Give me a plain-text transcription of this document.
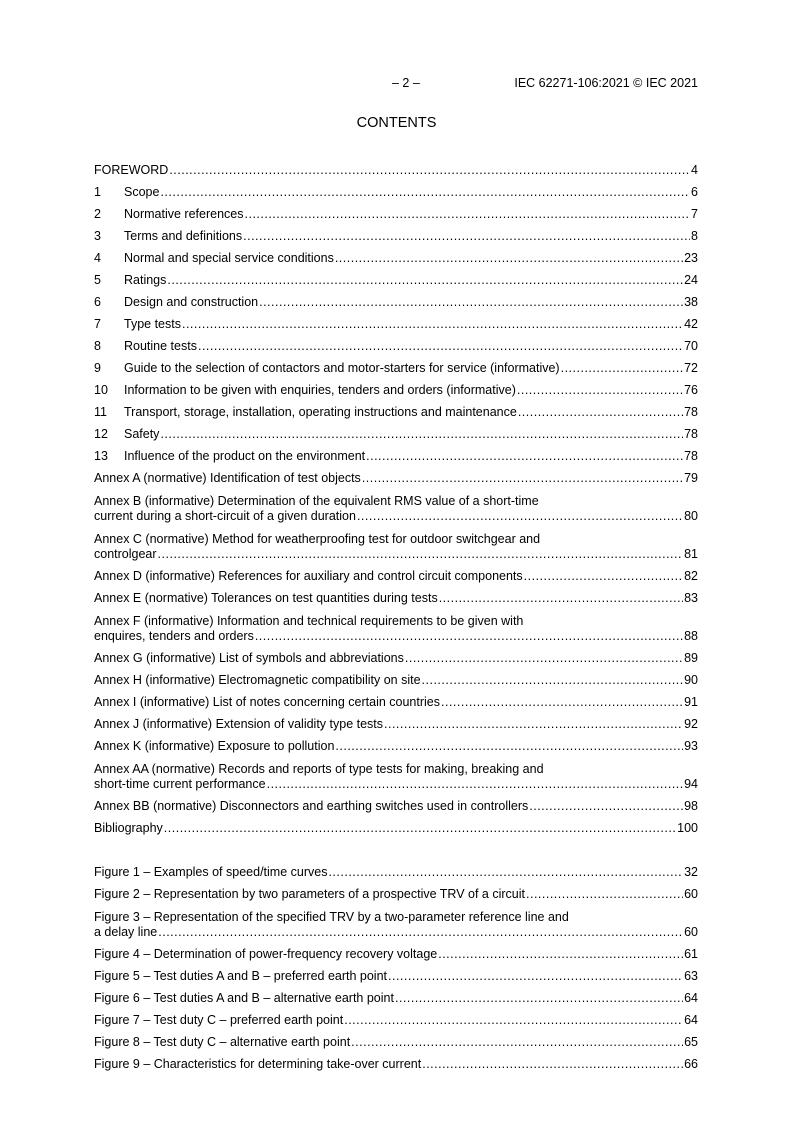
– 2 –	IEC 62271-106:2021 © IEC 2021
CONTENTS
FOREWORD .....	4
1	Scope .....	6
2	Normative references .....	7
3	Terms and definitions .....	8
4	Normal and special service conditions .....	23
5	Ratings .....	24
6	Design and construction .....	38
7	Type tests .....	42
8	Routine tests .....	70
9	Guide to the selection of contactors and motor-starters for service (informative) .....	72
10	Information to be given with enquiries, tenders and orders (informative) .....	76
11	Transport, storage, installation, operating instructions and maintenance .....	78
12	Safety .....	78
13	Influence of the product on the environment .....	78
Annex A (normative) Identification of test objects .....	79
Annex B (informative) Determination of the equivalent RMS value of a short-time
current during a short-circuit of a given duration .....	80
Annex C (normative) Method for weatherproofing test for outdoor switchgear and
controlgear .....	81
Annex D (informative) References for auxiliary and control circuit components .....	82
Annex E (normative) Tolerances on test quantities during tests .....	83
Annex F (informative) Information and technical requirements to be given with
enquires, tenders and orders .....	88
Annex G (informative) List of symbols and abbreviations .....	89
Annex H (informative) Electromagnetic compatibility on site .....	90
Annex I (informative) List of notes concerning certain countries .....	91
Annex J (informative) Extension of validity type tests .....	92
Annex K (informative) Exposure to pollution .....	93
Annex AA (normative) Records and reports of type tests for making, breaking and
short-time current performance .....	94
Annex BB (normative) Disconnectors and earthing switches used in controllers .....	98
Bibliography .....	100
Figure 1 – Examples of speed/time curves .....	32
Figure 2 – Representation by two parameters of a prospective TRV of a circuit .....	60
Figure 3 – Representation of the specified TRV by a two-parameter reference line and
a delay line .....	60
Figure 4 – Determination of power-frequency recovery voltage .....	61
Figure 5 – Test duties A and B – preferred earth point .....	63
Figure 6 – Test duties A and B – alternative earth point .....	64
Figure 7 – Test duty C – preferred earth point .....	64
Figure 8 – Test duty C – alternative earth point .....	65
Figure 9 – Characteristics for determining take-over current .....	66
